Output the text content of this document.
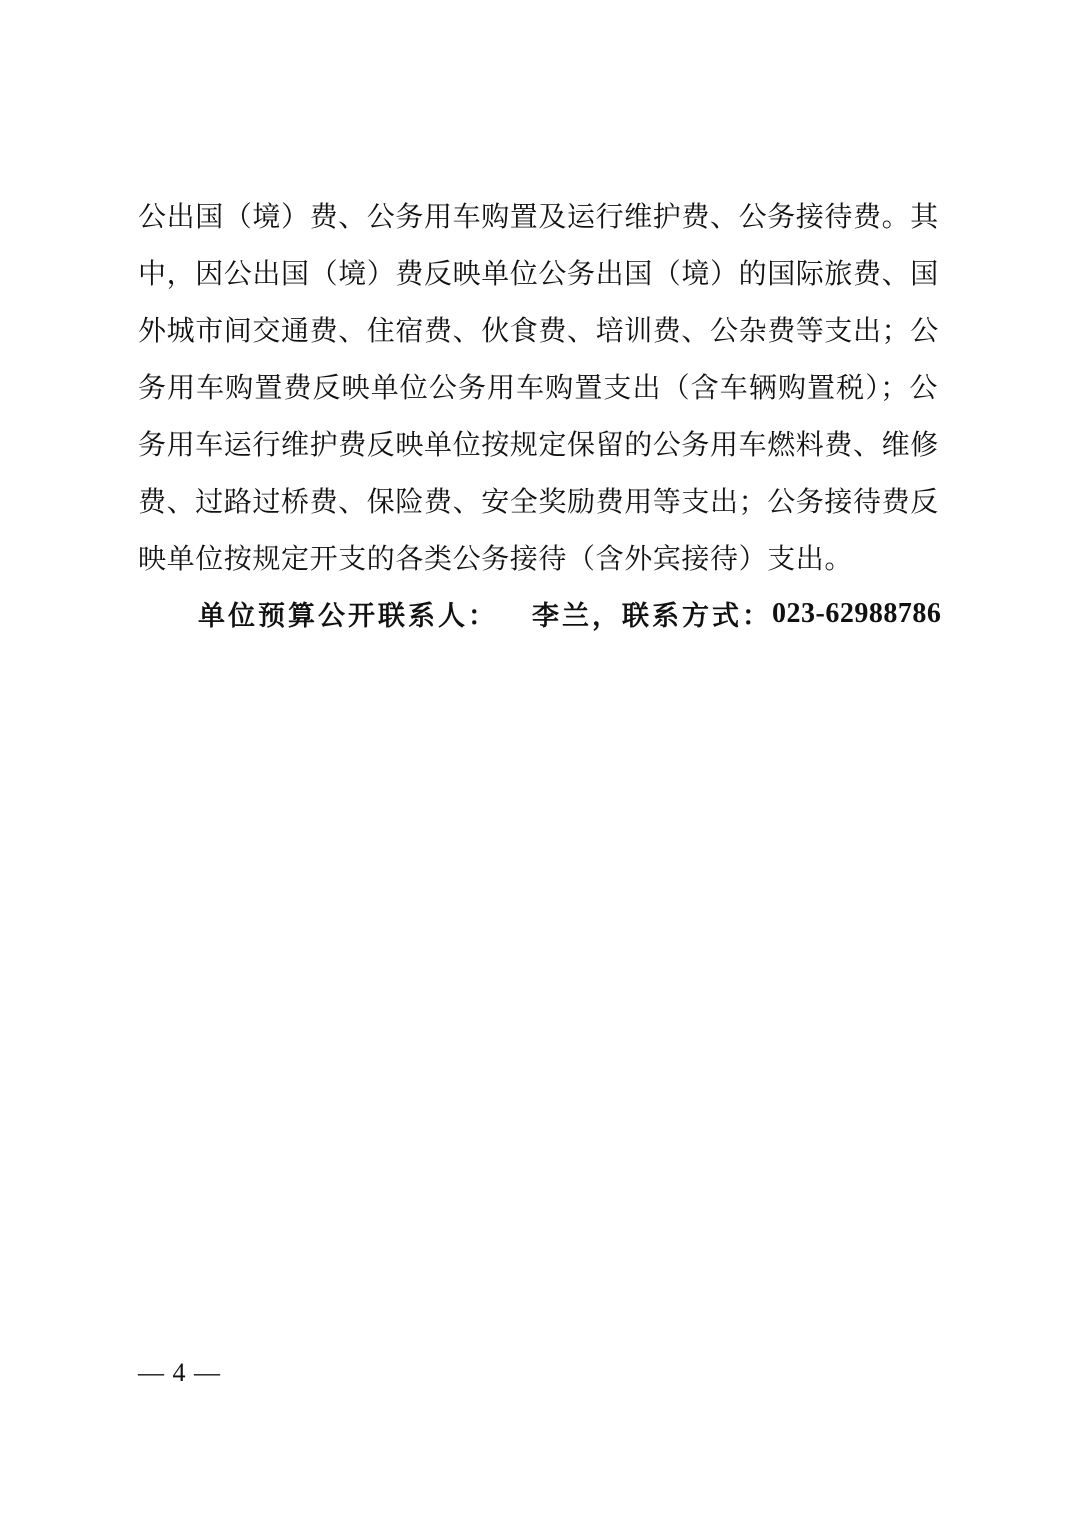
公出国（境）费、公务用车购置及运行维护费、公务接待费。其
中，因公出国（境）费反映单位公务出国（境）的国际旅费、国
外城市间交通费、住宿费、伙食费、培训费、公杂费等支出；公
务用车购置费反映单位公务用车购置支出（含车辆购置税）；公
务用车运行维护费反映单位按规定保留的公务用车燃料费、维修
费、过路过桥费、保险费、安全奖励费用等支出；公务接待费反
映单位按规定开支的各类公务接待（含外宾接待）支出。
单位预算公开联系人： 李兰，联系方式： 023-62988786
— 4 —
